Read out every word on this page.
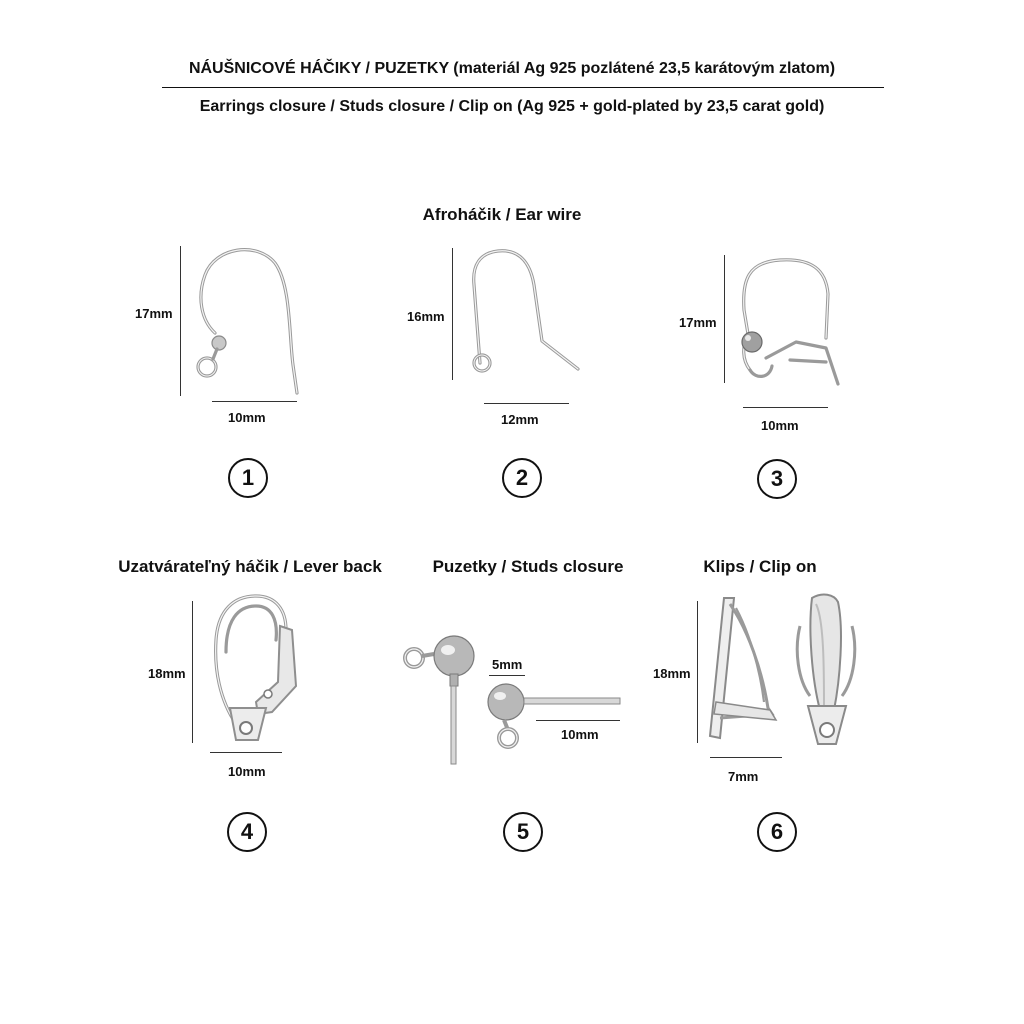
NÁUŠNICOVÉ HÁČIKY / PUZETKY (materiál Ag 925 pozlátené 23,5 karátovým zlatom)
Earrings closure / Studs closure / Clip on (Ag 925 + gold-plated by 23,5 carat gold)
Afroháčik / Ear wire
Uzatvárateľný háčik / Lever back	Puzetky / Studs closure	Klips / Clip on
17mm
10mm
1
16mm
12mm
2
17mm
10mm
3
18mm
10mm
4
5mm
10mm
5
18mm
7mm
6
